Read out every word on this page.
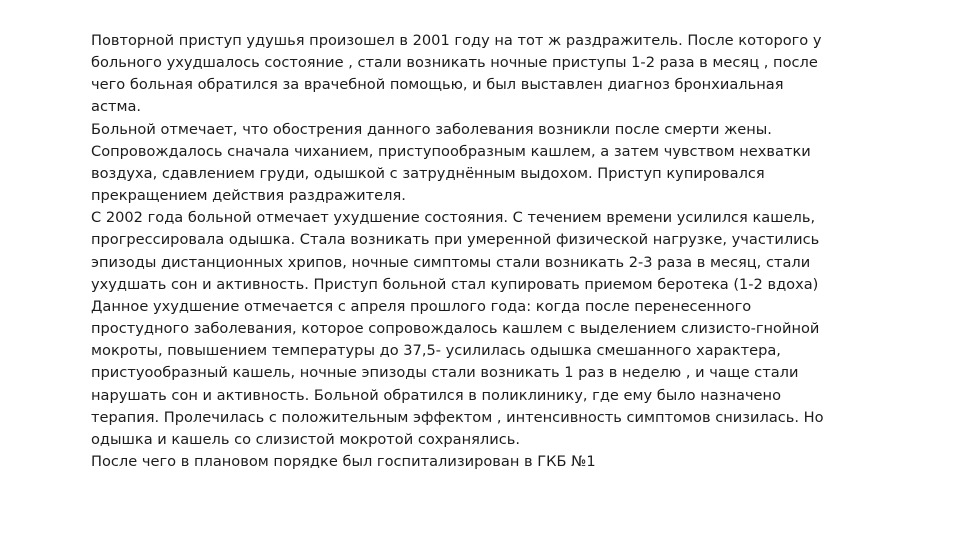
Повторной приступ удушья произошел в 2001 году на тот ж раздражитель. После которого у
больного ухудшалось состояние , стали возникать ночные приступы 1-2 раза в месяц , после
чего больная обратился за врачебной помощью, и был выставлен диагноз бронхиальная
астма.
Больной отмечает, что обострения данного заболевания возникли после смерти жены.
Сопровождалось сначала чиханием, приступообразным кашлем, а затем чувством нехватки
воздуха, сдавлением груди, одышкой с затруднённым выдохом. Приступ купировался
прекращением действия раздражителя.
С 2002 года больной отмечает ухудшение состояния. С течением времени усилился кашель,
прогрессировала одышка. Стала возникать при умеренной физической нагрузке, участились
эпизоды дистанционных хрипов, ночные симптомы стали возникать 2-3 раза в месяц, стали
ухудшать сон и активность. Приступ больной стал купировать приемом беротека (1-2 вдоха)
Данное ухудшение отмечается с апреля прошлого года: когда после перенесенного
простудного заболевания, которое сопровождалось кашлем с выделением слизисто-гнойной
мокроты, повышением температуры до 37,5- усилилась одышка смешанного характера,
пристуообразный кашель, ночные эпизоды стали возникать 1 раз в неделю , и чаще стали
нарушать сон и активность. Больной обратился в поликлинику, где ему было назначено
терапия. Пролечилась с положительным эффектом , интенсивность симптомов снизилась. Но
одышка и кашель со слизистой мокротой сохранялись.
После чего в плановом порядке был госпитализирован в ГКБ №1
